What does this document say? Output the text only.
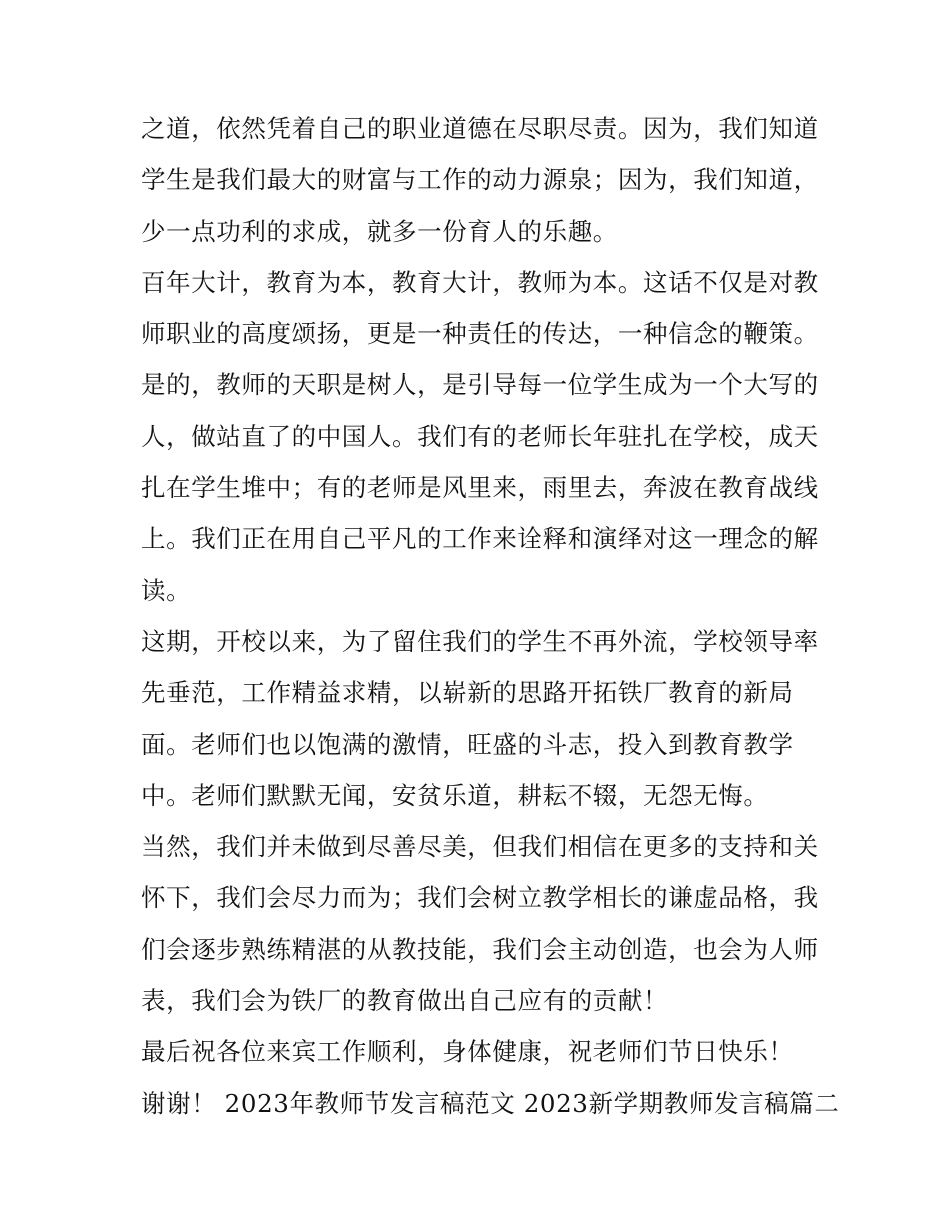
之道，依然凭着自己的职业道德在尽职尽责。因为，我们知道
学生是我们最大的财富与工作的动力源泉；因为，我们知道，
少一点功利的求成，就多一份育人的乐趣。
百年大计，教育为本，教育大计，教师为本。这话不仅是对教
师职业的高度颂扬，更是一种责任的传达，一种信念的鞭策。
是的，教师的天职是树人，是引导每一位学生成为一个大写的
人，做站直了的中国人。我们有的老师长年驻扎在学校，成天
扎在学生堆中；有的老师是风里来，雨里去，奔波在教育战线
上。我们正在用自己平凡的工作来诠释和演绎对这一理念的解
读。
这期，开校以来，为了留住我们的学生不再外流，学校领导率
先垂范，工作精益求精，以崭新的思路开拓铁厂教育的新局
面。老师们也以饱满的激情，旺盛的斗志，投入到教育教学
中。老师们默默无闻，安贫乐道，耕耘不辍，无怨无悔。
当然，我们并未做到尽善尽美，但我们相信在更多的支持和关
怀下，我们会尽力而为；我们会树立教学相长的谦虚品格，我
们会逐步熟练精湛的从教技能，我们会主动创造，也会为人师
表，我们会为铁厂的教育做出自己应有的贡献！
最后祝各位来宾工作顺利，身体健康，祝老师们节日快乐！
谢谢！ 2023年教师节发言稿范文 2023新学期教师发言稿篇二
